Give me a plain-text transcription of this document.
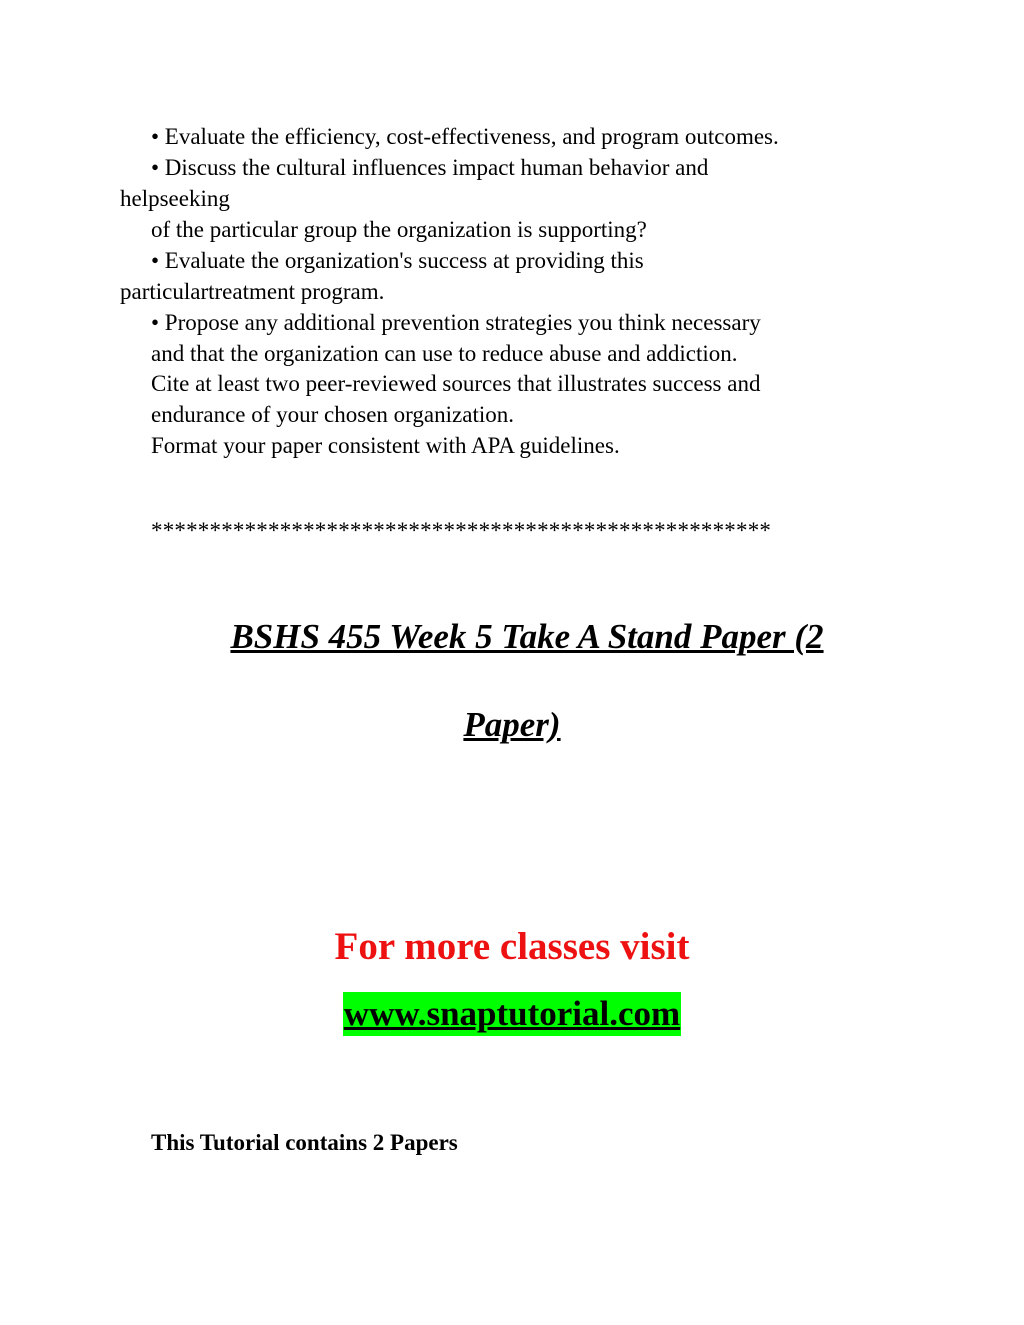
• Evaluate the efficiency, cost-effectiveness, and program outcomes.
• Discuss the cultural influences impact human behavior and
helpseeking
of the particular group the organization is supporting?
• Evaluate the organization's success at providing this
particulartreatment program.
• Propose any additional prevention strategies you think necessary
and that the organization can use to reduce abuse and addiction.
Cite at least two peer-reviewed sources that illustrates success and
endurance of your chosen organization.
Format your paper consistent with APA guidelines.
*****************************************************
BSHS 455 Week 5 Take A Stand Paper (2
Paper)
For more classes visit
www.snaptutorial.com
This Tutorial contains 2 Papers
